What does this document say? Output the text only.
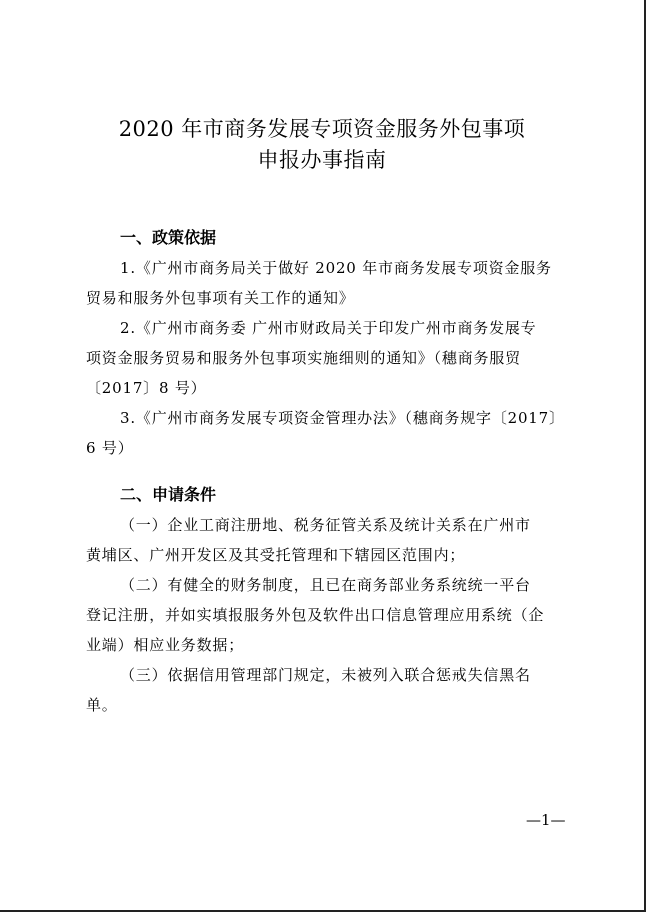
2020 年市商务发展专项资金服务外包事项
申报办事指南
一、政策依据
1.《广州市商务局关于做好 2020 年市商务发展专项资金服务
贸易和服务外包事项有关工作的通知》
2.《广州市商务委 广州市财政局关于印发广州市商务发展专
项资金服务贸易和服务外包事项实施细则的通知》（穗商务服贸
〔2017〕8 号）
3.《广州市商务发展专项资金管理办法》（穗商务规字〔2017〕
6 号）
二、申请条件
（一）企业工商注册地、税务征管关系及统计关系在广州市
黄埔区、广州开发区及其受托管理和下辖园区范围内；
（二）有健全的财务制度，且已在商务部业务系统统一平台
登记注册，并如实填报服务外包及软件出口信息管理应用系统（企
业端）相应业务数据；
（三）依据信用管理部门规定，未被列入联合惩戒失信黑名
单。
—1—
